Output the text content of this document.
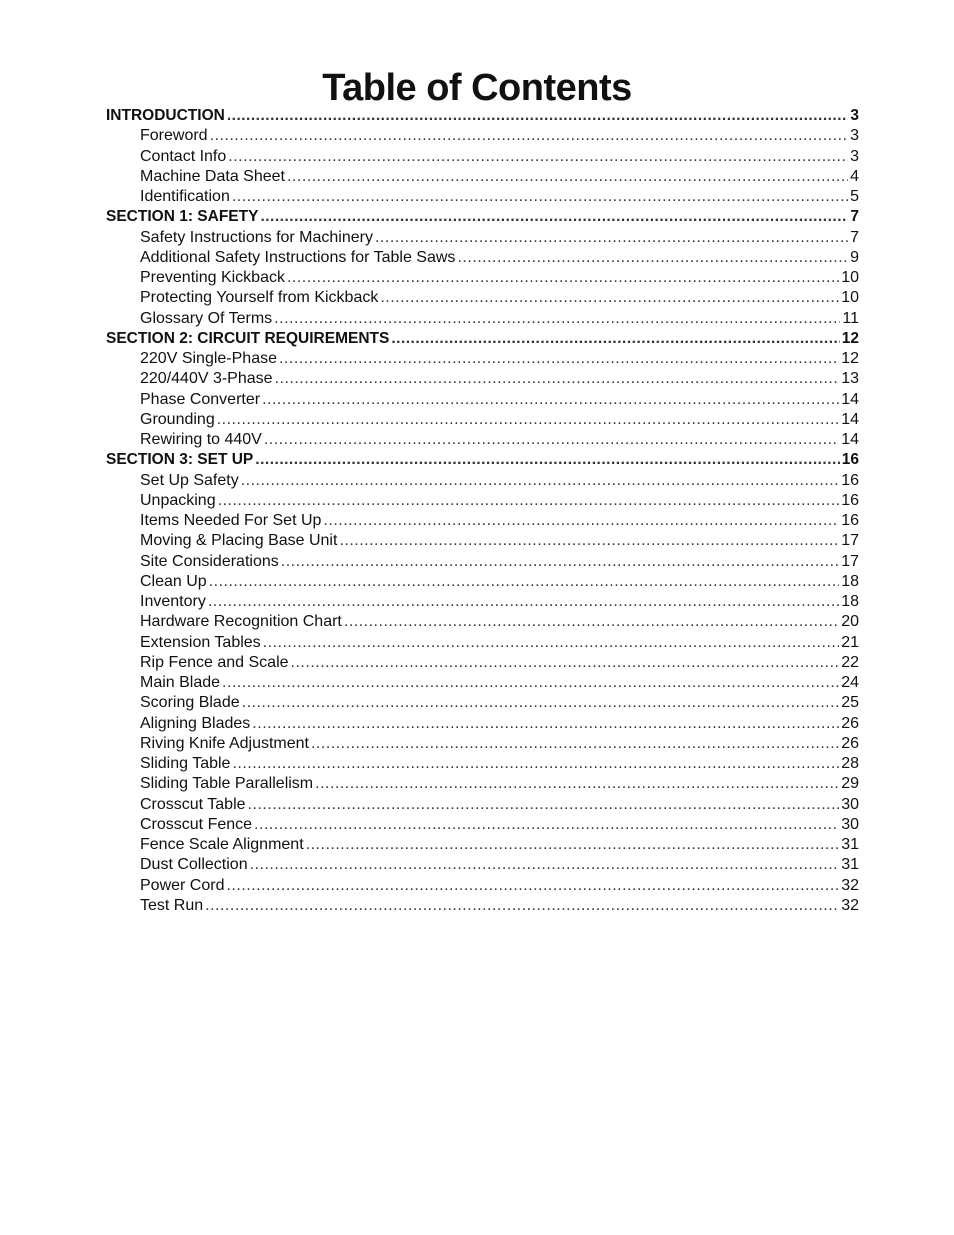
Table of Contents
INTRODUCTION .....	3
Foreword .....	3
Contact Info .....	3
Machine Data Sheet .....	4
Identification .....	5
SECTION 1: SAFETY .....	7
Safety Instructions for Machinery .....	7
Additional Safety Instructions for Table Saws .....	9
Preventing Kickback .....	10
Protecting Yourself from Kickback .....	10
Glossary Of Terms .....	11
SECTION 2: CIRCUIT REQUIREMENTS .....	12
220V Single-Phase .....	12
220/440V 3-Phase .....	13
Phase Converter .....	14
Grounding .....	14
Rewiring to 440V .....	14
SECTION 3: SET UP .....	16
Set Up Safety .....	16
Unpacking .....	16
Items Needed For Set Up .....	16
Moving & Placing Base Unit .....	17
Site Considerations .....	17
Clean Up .....	18
Inventory .....	18
Hardware Recognition Chart .....	20
Extension Tables .....	21
Rip Fence and Scale .....	22
Main Blade .....	24
Scoring Blade .....	25
Aligning Blades .....	26
Riving Knife Adjustment .....	26
Sliding Table .....	28
Sliding Table Parallelism .....	29
Crosscut Table .....	30
Crosscut Fence .....	30
Fence Scale Alignment .....	31
Dust Collection .....	31
Power Cord .....	32
Test Run .....	32
